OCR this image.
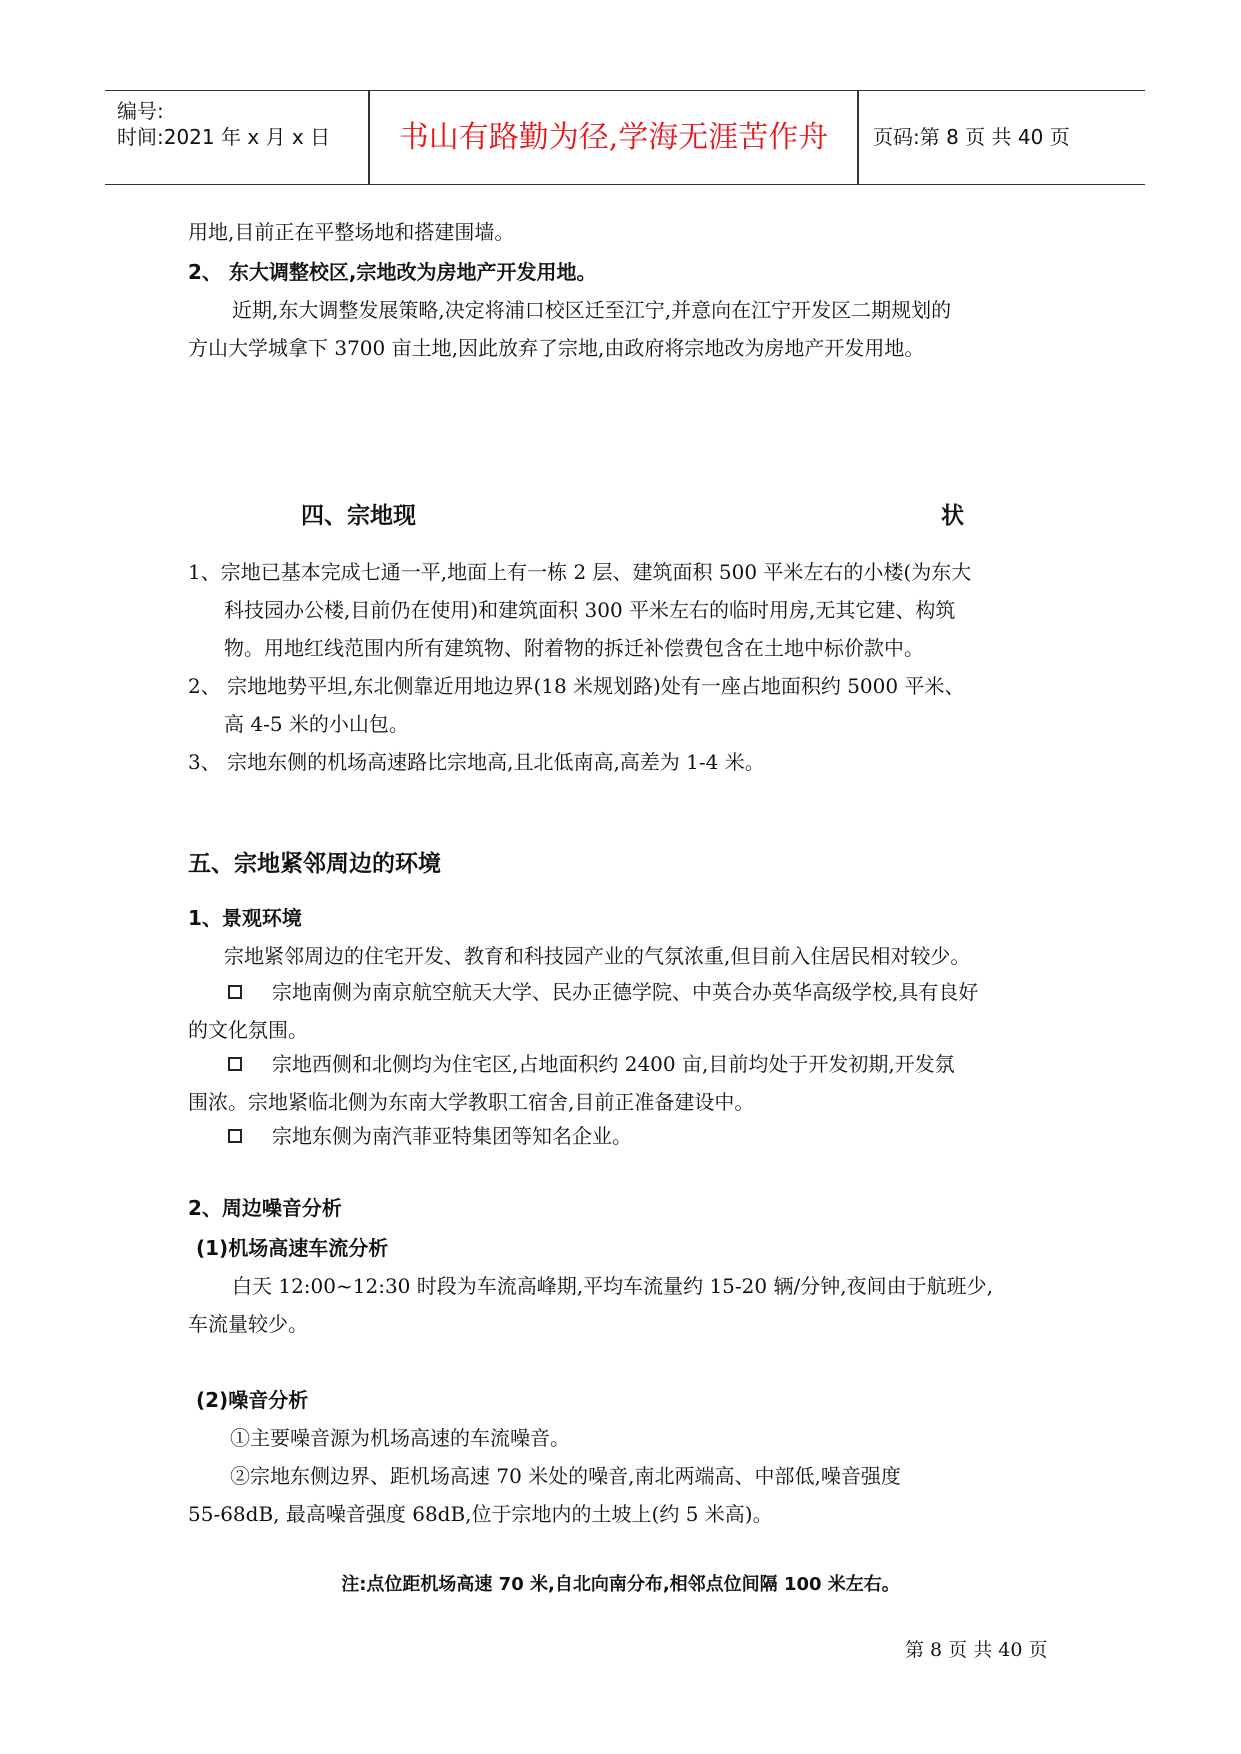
编号:
时间:2021 年 x 月 x 日	书山有路勤为径,学海无涯苦作舟	页码:第 8 页 共 40 页
用地,目前正在平整场地和搭建围墙。
2、 东大调整校区,宗地改为房地产开发用地。
近期,东大调整发展策略,决定将浦口校区迁至江宁,并意向在江宁开发区二期规划的
方山大学城拿下 3700 亩土地,因此放弃了宗地,由政府将宗地改为房地产开发用地。
四、宗地现	状
1、宗地已基本完成七通一平,地面上有一栋 2 层、建筑面积 500 平米左右的小楼(为东大
科技园办公楼,目前仍在使用)和建筑面积 300 平米左右的临时用房,无其它建、构筑
物。用地红线范围内所有建筑物、附着物的拆迁补偿费包含在土地中标价款中。
2、 宗地地势平坦,东北侧靠近用地边界(18 米规划路)处有一座占地面积约 5000 平米、
高 4-5 米的小山包。
3、 宗地东侧的机场高速路比宗地高,且北低南高,高差为 1-4 米。
五、宗地紧邻周边的环境
1、景观环境
宗地紧邻周边的住宅开发、教育和科技园产业的气氛浓重,但目前入住居民相对较少。
宗地南侧为南京航空航天大学、民办正德学院、中英合办英华高级学校,具有良好
的文化氛围。
宗地西侧和北侧均为住宅区,占地面积约 2400 亩,目前均处于开发初期,开发氛
围浓。宗地紧临北侧为东南大学教职工宿舍,目前正准备建设中。
宗地东侧为南汽菲亚特集团等知名企业。
2、周边噪音分析
(1)机场高速车流分析
白天 12:00~12:30 时段为车流高峰期,平均车流量约 15-20 辆/分钟,夜间由于航班少,
车流量较少。
(2)噪音分析
①主要噪音源为机场高速的车流噪音。
②宗地东侧边界、距机场高速 70 米处的噪音,南北两端高、中部低,噪音强度
55-68dB, 最高噪音强度 68dB,位于宗地内的土坡上(约 5 米高)。
注:点位距机场高速 70 米,自北向南分布,相邻点位间隔 100 米左右。
第 8 页 共 40 页
